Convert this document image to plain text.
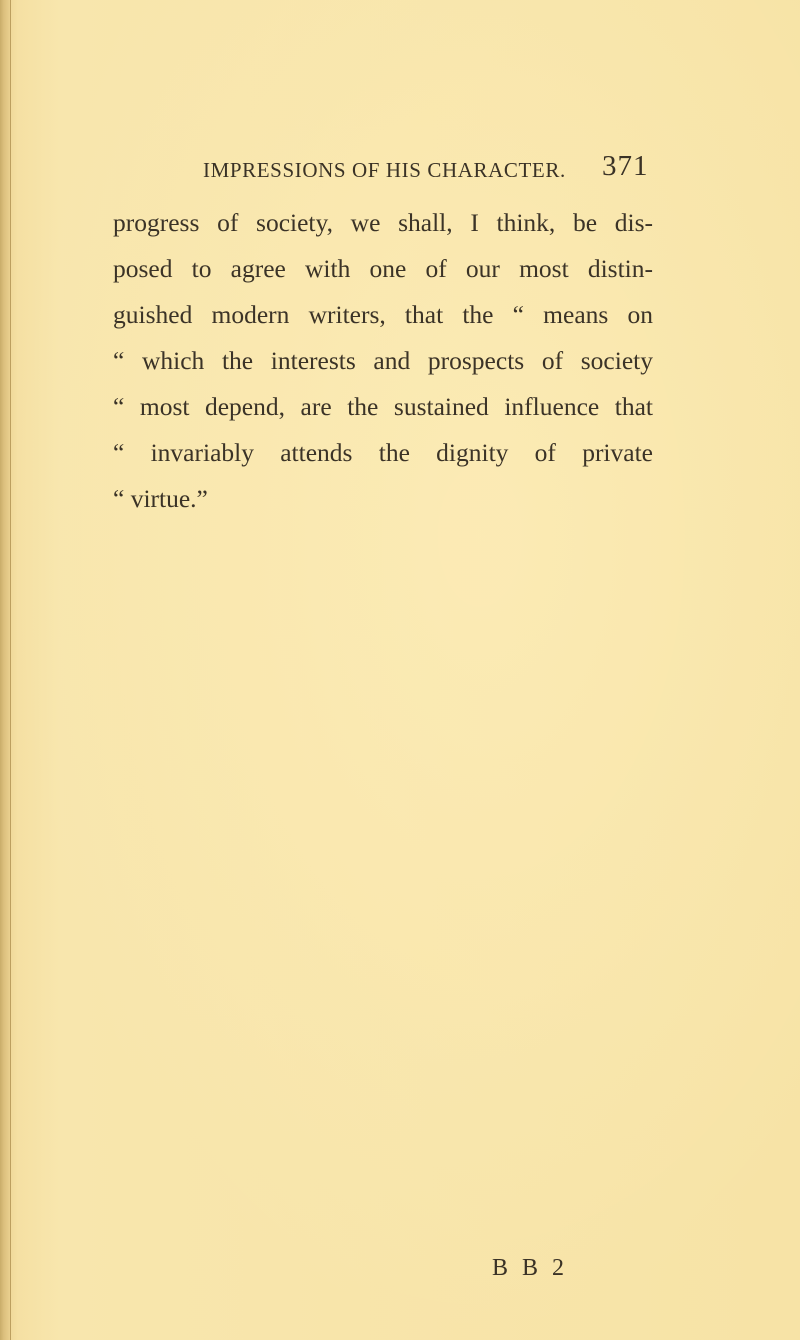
IMPRESSIONS OF HIS CHARACTER. 371
progress of society, we shall, I think, be dis-
posed to agree with one of our most distin-
guished modern writers, that the “ means on
“ which the interests and prospects of society
“ most depend, are the sustained influence that
“ invariably attends the dignity of private
“ virtue.”
B B 2
